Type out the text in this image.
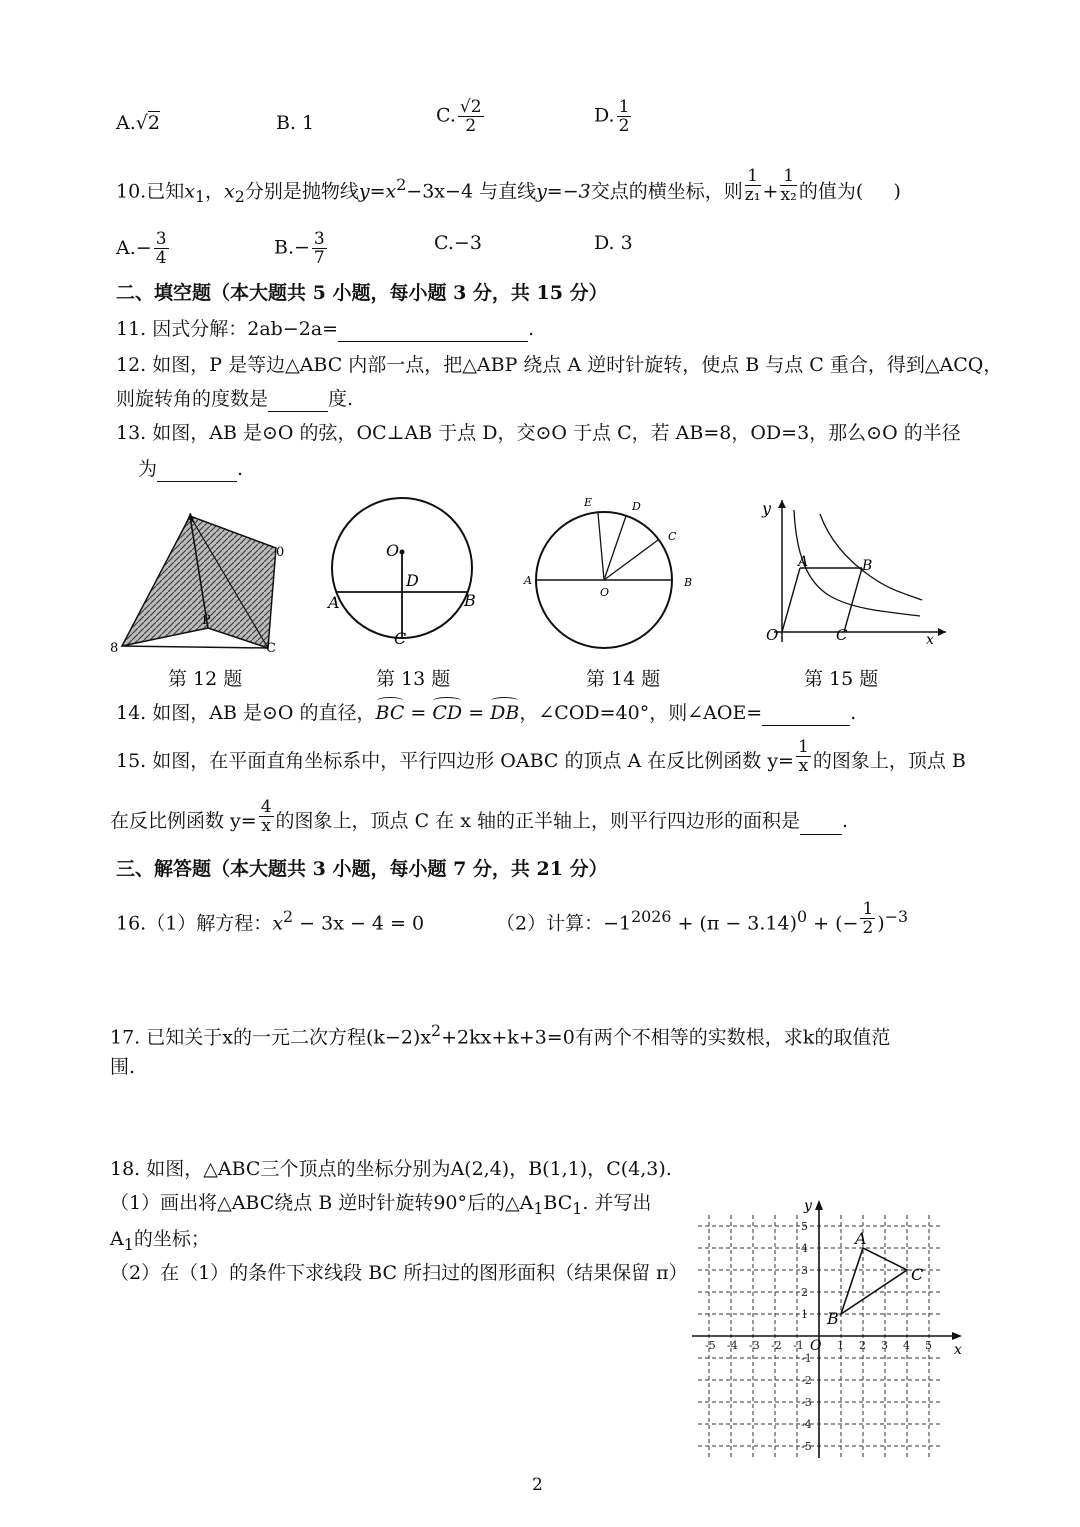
A.√2	B. 1	C. $\frac{√2}{2}$	D. $\frac{1}{2}$
10.已知$x_1$，$x_2$分别是抛物线$y=x^2-3x-4$ 与直线y=−3交点的横坐标，则 $\frac{1}{\text{z₁}} + \frac{1}{\text{x₂}}$ 的值为( )
$A.- \frac{3}{4}$	$B.- \frac{3}{7}$	C.−3	D. 3
二、填空题（本大题共 5 小题，每小题 3 分，共 15 分）
11. 因式分解：2ab−2a=	.
12. 如图，P 是等边△ABC 内部一点，把△ABP 绕点 A 逆时针旋转，使点 B 与点 C 重合，得到△ACQ，
则旋转角的度数是	度.
13. 如图，AB 是⊙O 的弦，OC⊥AB 于点 D，交⊙O 于点 C，若 AB=8，OD=3，那么⊙O 的半径
为	.
A
8	C
P
0
第 12 题
O
D
A	B
C
第 13 题
E	D
C
A
O
B
第 14 题
y
A	B
O	C	x
第 15 题
14. 如图，AB 是⊙O 的直径，BC = CD = DB，∠COD=40°，则∠AOE=	.
15. 如图，在平面直角坐标系中，平行四边形 OABC 的顶点 A 在反比例函数 $y= \frac{1}{x}$ 的图象上，顶点 B
在反比例函数 $y= \frac{4}{x}$ 的图象上，顶点 C 在 x 轴的正半轴上，则平行四边形的面积是 .
三、解答题（本大题共 3 小题，每小题 7 分，共 21 分）
16.（1）解方程：$x^2 - 3x - 4 = 0$	（2）计算：$-1^{2026} + (\pi - 3.14)^0$ + (− $\frac{1}{2} )^{-3}$
17. 已知关于x的一元二次方程$(k-2)x^2+2kx+k+3=0$有两个不相等的实数根，求k的取值范
围.
18. 如图，△ABC三个顶点的坐标分别为A(2,4)，B(1,1)，C(4,3).
（1）画出将△ABC绕点 B 逆时针旋转90°后的$\triangle A_1BC_1$. 并写出
$A_1$的坐标；
（2）在（1）的条件下求线段 BC 所扫过的图形面积（结果保留 π）
-5 -4 -3 -2 -1	1 2 3 4 5
5
4
3
2
1
-1
-2
-3
-4
-5
A
B
C
O	x
y
2
